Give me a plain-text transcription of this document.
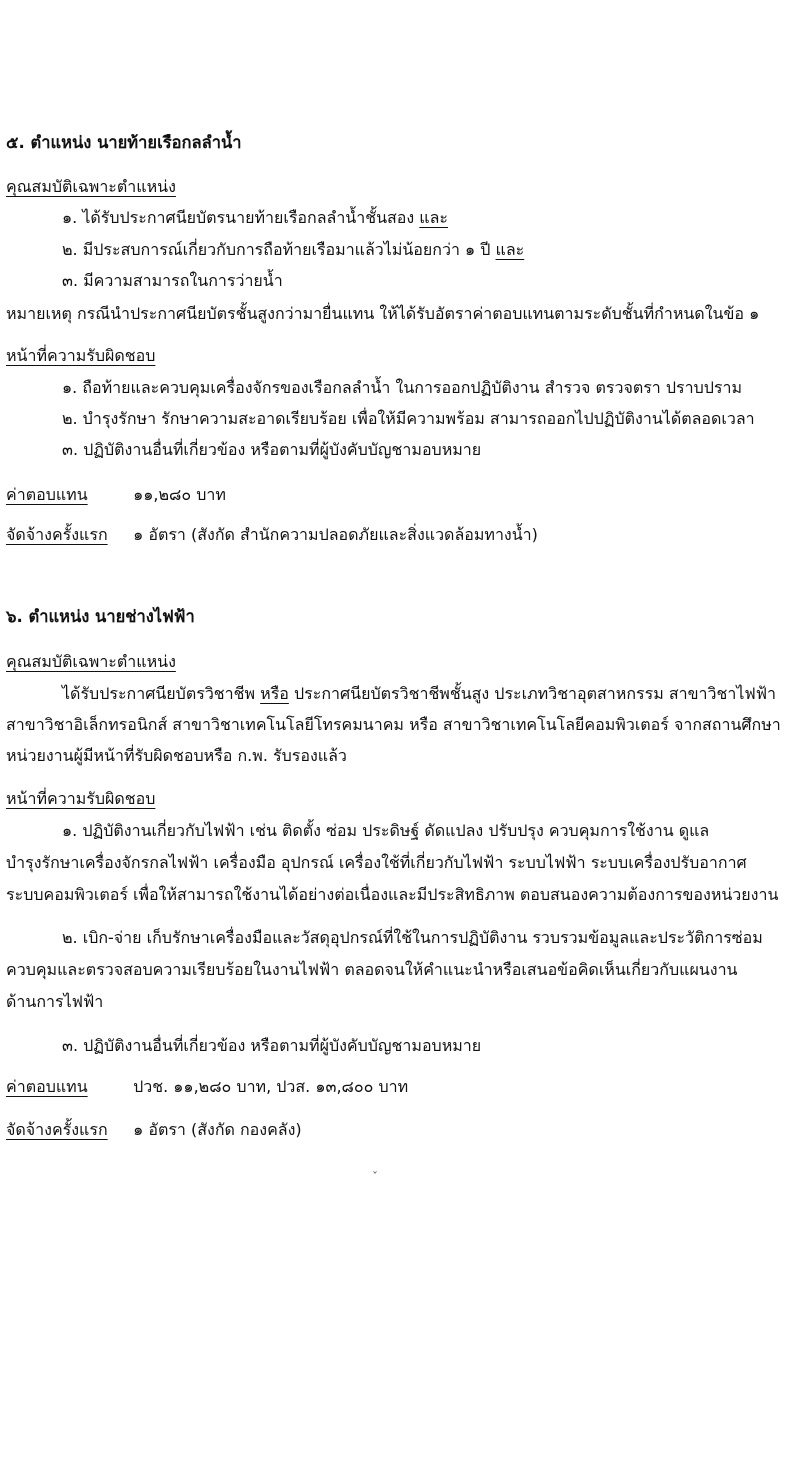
๕. ตำแหน่ง นายท้ายเรือกลลำน้ำ
คุณสมบัติเฉพาะตำแหน่ง
๑. ได้รับประกาศนียบัตรนายท้ายเรือกลลำน้ำชั้นสอง และ
๒. มีประสบการณ์เกี่ยวกับการถือท้ายเรือมาแล้วไม่น้อยกว่า ๑ ปี และ
๓. มีความสามารถในการว่ายน้ำ
หมายเหตุ กรณีนำประกาศนียบัตรชั้นสูงกว่ามายื่นแทน ให้ได้รับอัตราค่าตอบแทนตามระดับชั้นที่กำหนดในข้อ ๑
หน้าที่ความรับผิดชอบ
๑. ถือท้ายและควบคุมเครื่องจักรของเรือกลลำน้ำ ในการออกปฏิบัติงาน สำรวจ ตรวจตรา ปราบปราม
๒. บำรุงรักษา รักษาความสะอาดเรียบร้อย เพื่อให้มีความพร้อม สามารถออกไปปฏิบัติงานได้ตลอดเวลา
๓. ปฏิบัติงานอื่นที่เกี่ยวข้อง หรือตามที่ผู้บังคับบัญชามอบหมาย
ค่าตอบแทน	๑๑,๒๘๐ บาท
จัดจ้างครั้งแรก ๑ อัตรา (สังกัด สำนักความปลอดภัยและสิ่งแวดล้อมทางน้ำ)
๖. ตำแหน่ง นายช่างไฟฟ้า
คุณสมบัติเฉพาะตำแหน่ง
ได้รับประกาศนียบัตรวิชาชีพ หรือ ประกาศนียบัตรวิชาชีพชั้นสูง ประเภทวิชาอุตสาหกรรม สาขาวิชาไฟฟ้า
สาขาวิชาอิเล็กทรอนิกส์ สาขาวิชาเทคโนโลยีโทรคมนาคม หรือ สาขาวิชาเทคโนโลยีคอมพิวเตอร์ จากสถานศึกษา
หน่วยงานผู้มีหน้าที่รับผิดชอบหรือ ก.พ. รับรองแล้ว
หน้าที่ความรับผิดชอบ
๑. ปฏิบัติงานเกี่ยวกับไฟฟ้า เช่น ติดตั้ง ซ่อม ประดิษฐ์ ดัดแปลง ปรับปรุง ควบคุมการใช้งาน ดูแล
บำรุงรักษาเครื่องจักรกลไฟฟ้า เครื่องมือ อุปกรณ์ เครื่องใช้ที่เกี่ยวกับไฟฟ้า ระบบไฟฟ้า ระบบเครื่องปรับอากาศ
ระบบคอมพิวเตอร์ เพื่อให้สามารถใช้งานได้อย่างต่อเนื่องและมีประสิทธิภาพ ตอบสนองความต้องการของหน่วยงาน
๒. เบิก-จ่าย เก็บรักษาเครื่องมือและวัสดุอุปกรณ์ที่ใช้ในการปฏิบัติงาน รวบรวมข้อมูลและประวัติการซ่อม
ควบคุมและตรวจสอบความเรียบร้อยในงานไฟฟ้า ตลอดจนให้คำแนะนำหรือเสนอข้อคิดเห็นเกี่ยวกับแผนงาน
ด้านการไฟฟ้า
๓. ปฏิบัติงานอื่นที่เกี่ยวข้อง หรือตามที่ผู้บังคับบัญชามอบหมาย
ค่าตอบแทน	ปวช. ๑๑,๒๘๐ บาท, ปวส. ๑๓,๘๐๐ บาท
จัดจ้างครั้งแรก ๑ อัตรา (สังกัด กองคลัง)
ˇ
